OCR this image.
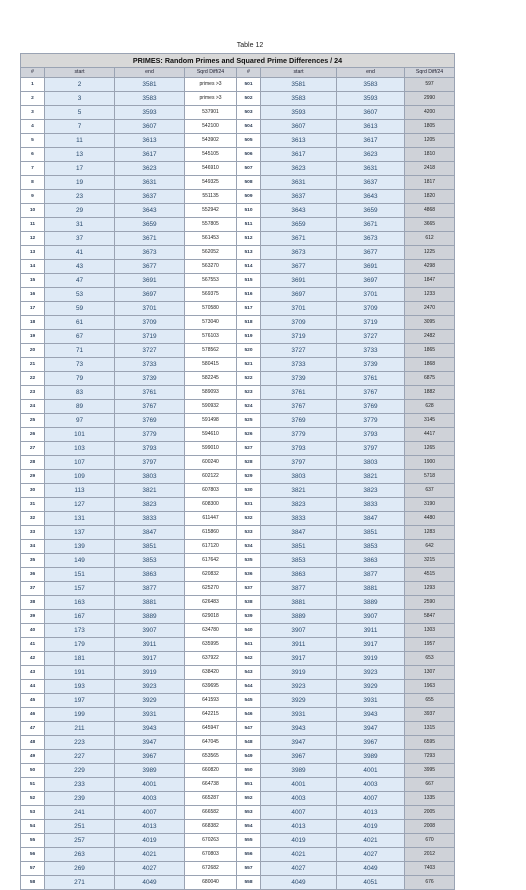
Table 12
PRIMES: Random Primes and Squared Prime Differences / 24							
#	start	end	Sqrd Diff/24	#	start	end	Sqrd Diff/24
1	2	3581	primes >3	501	3581	3583	597
2	3	3583	primes >3	502	3583	3593	2990
3	5	3593	537901	503	3593	3607	4200
4	7	3607	542100	504	3607	3613	1805
5	11	3613	543902	505	3613	3617	1205
6	13	3617	545105	506	3617	3623	1810
7	17	3623	546910	507	3623	3631	2418
8	19	3631	549325	508	3631	3637	1817
9	23	3637	551135	509	3637	3643	1820
10	29	3643	552942	510	3643	3659	4868
11	31	3659	557805	511	3659	3671	3665
12	37	3671	561453	512	3671	3673	612
13	41	3673	562052	513	3673	3677	1225
14	43	3677	563270	514	3677	3691	4298
15	47	3691	567553	515	3691	3697	1847
16	53	3697	569375	516	3697	3701	1233
17	59	3701	570580	517	3701	3709	2470
18	61	3709	573040	518	3709	3719	3095
19	67	3719	576103	519	3719	3727	2482
20	71	3727	578562	520	3727	3733	1865
21	73	3733	580415	521	3733	3739	1868
22	79	3739	582245	522	3739	3761	6875
23	83	3761	589093	523	3761	3767	1882
24	89	3767	590932	524	3767	3769	628
25	97	3769	591498	525	3769	3779	3145
26	101	3779	594610	526	3779	3793	4417
27	103	3793	599010	527	3793	3797	1265
28	107	3797	600240	528	3797	3803	1900
29	109	3803	602122	529	3803	3821	5718
30	113	3821	607803	530	3821	3823	637
31	127	3823	608300	531	3823	3833	3190
32	131	3833	611447	532	3833	3847	4480
33	137	3847	615860	533	3847	3851	1283
34	139	3851	617120	534	3851	3853	642
35	149	3853	617642	535	3853	3863	3215
36	151	3863	620832	536	3863	3877	4515
37	157	3877	625270	537	3877	3881	1293
38	163	3881	626483	538	3881	3889	2590
39	167	3889	629018	539	3889	3907	5847
40	173	3907	634780	540	3907	3911	1303
41	179	3911	635995	541	3911	3917	1957
42	181	3917	637922	542	3917	3919	653
43	191	3919	638420	543	3919	3923	1307
44	193	3923	639695	544	3923	3929	1963
45	197	3929	641593	545	3929	3931	655
46	199	3931	642215	546	3931	3943	3937
47	211	3943	645947	547	3943	3947	1315
48	223	3947	647045	548	3947	3967	6595
49	227	3967	653565	549	3967	3989	7293
50	229	3989	660820	550	3989	4001	3995
51	233	4001	664738	551	4001	4003	667
52	239	4003	665287	552	4003	4007	1335
53	241	4007	666582	553	4007	4013	2005
54	251	4013	668382	554	4013	4019	2008
55	257	4019	670263	555	4019	4021	670
56	263	4021	670803	556	4021	4027	2012
57	269	4027	672682	557	4027	4049	7403
58	271	4049	680040	558	4049	4051	676
